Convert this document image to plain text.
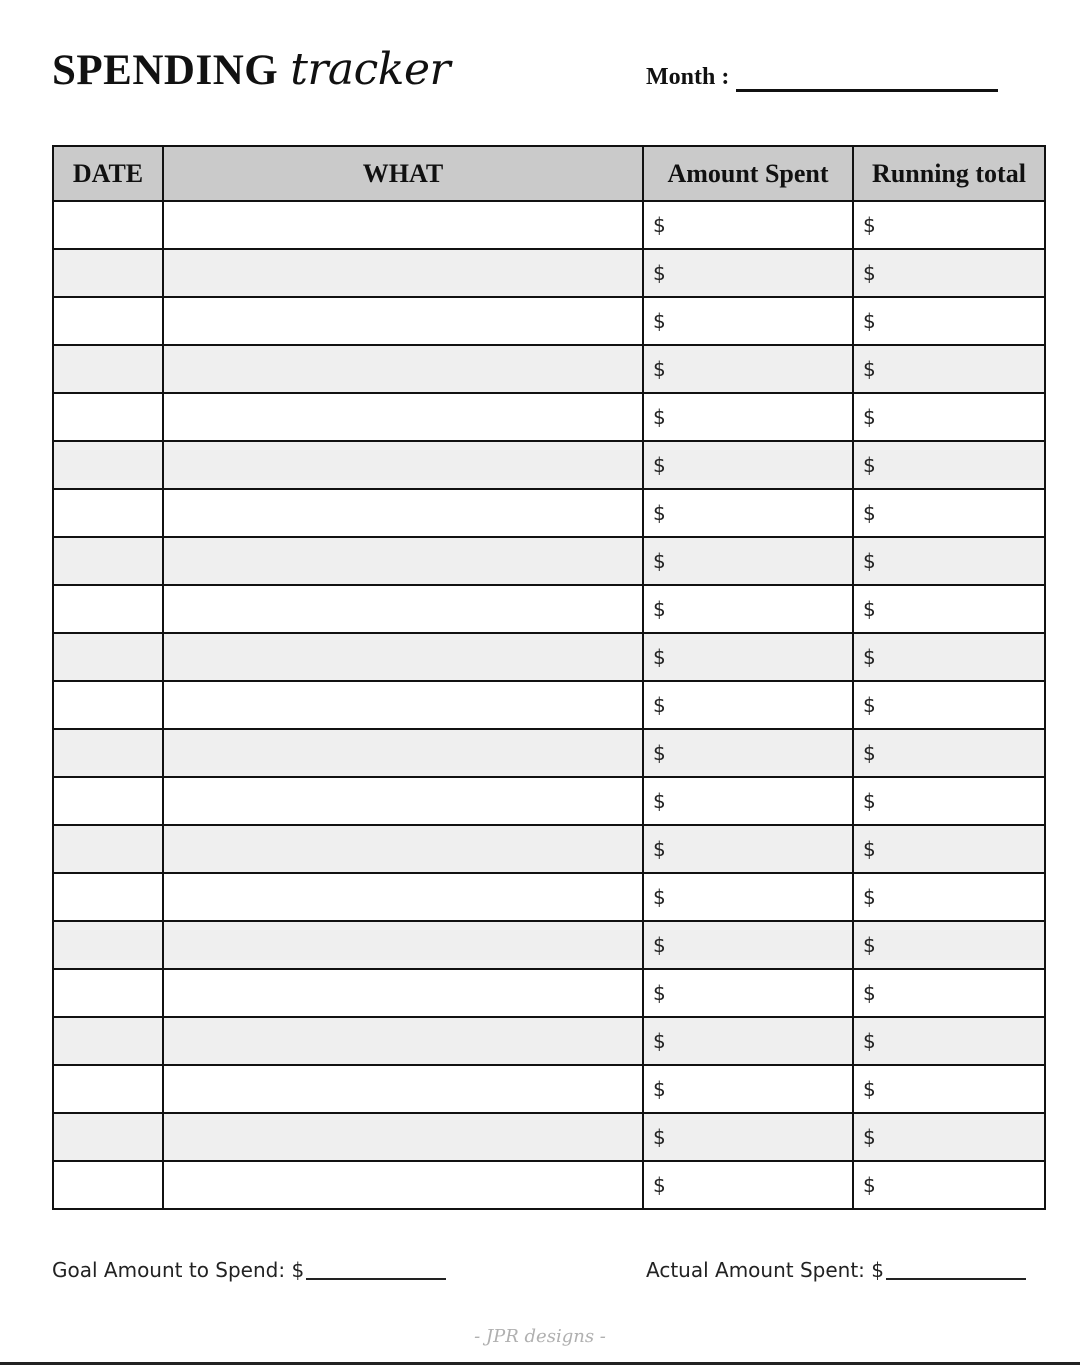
SPENDING tracker	Month :
DATE	WHAT	Amount Spent	Running total
		$	$
		$	$
		$	$
		$	$
		$	$
		$	$
		$	$
		$	$
		$	$
		$	$
		$	$
		$	$
		$	$
		$	$
		$	$
		$	$
		$	$
		$	$
		$	$
		$	$
		$	$
Goal Amount to Spend: $	Actual Amount Spent: $
- JPR designs -
